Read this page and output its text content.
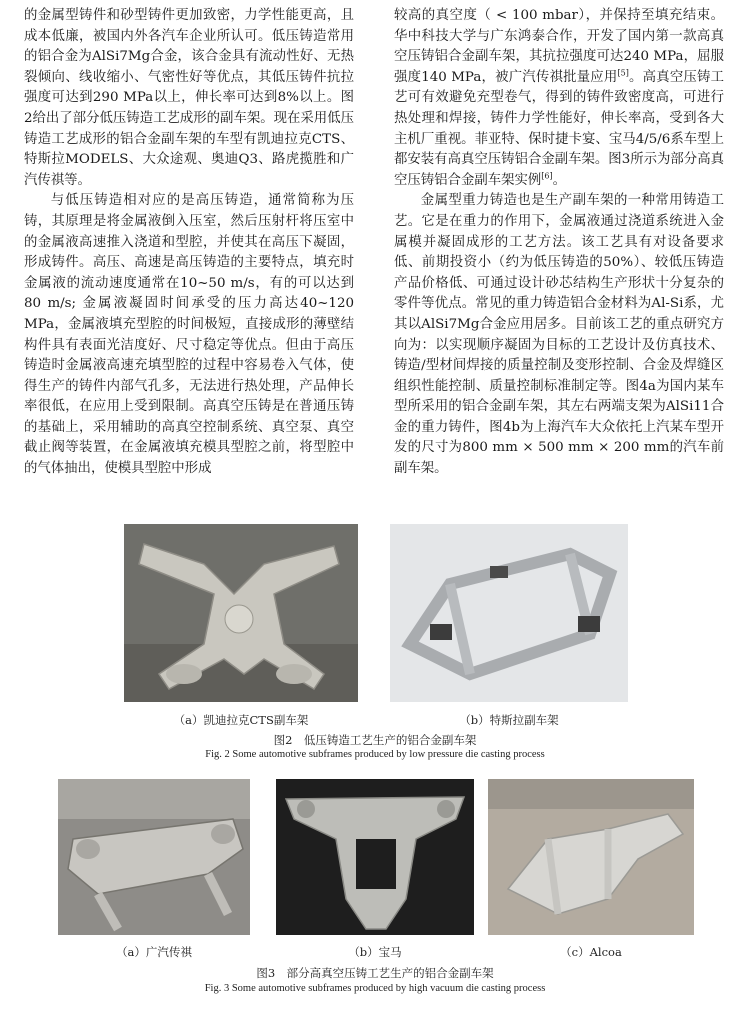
的金属型铸件和砂型铸件更加致密，力学性能更高，且成本低廉，被国内外各汽车企业所认可。低压铸造常用的铝合金为AlSi7Mg合金，该合金具有流动性好、无热裂倾向、线收缩小、气密性好等优点，其低压铸件抗拉强度可达到290 MPa以上，伸长率可达到8%以上。图2给出了部分低压铸造工艺成形的副车架。现在采用低压铸造工艺成形的铝合金副车架的车型有凯迪拉克CTS、特斯拉MODELS、大众途观、奥迪Q3、路虎揽胜和广汽传祺等。

与低压铸造相对应的是高压铸造，通常简称为压铸，其原理是将金属液倒入压室，然后压射杆将压室中的金属液高速推入浇道和型腔，并使其在高压下凝固，形成铸件。高压、高速是高压铸造的主要特点，填充时金属液的流动速度通常在10~50 m/s，有的可以达到80 m/s; 金属液凝固时间承受的压力高达40~120 MPa，金属液填充型腔的时间极短，直接成形的薄壁结构件具有表面光洁度好、尺寸稳定等优点。但由于高压铸造时金属液高速充填型腔的过程中容易卷入气体，使得生产的铸件内部气孔多，无法进行热处理，产品伸长率很低，在应用上受到限制。高真空压铸是在普通压铸的基础上，采用辅助的高真空控制系统、真空泵、真空截止阀等装置，在金属液填充模具型腔之前，将型腔中的气体抽出，使模具型腔中形成

较高的真空度（ < 100 mbar），并保持至填充结束。华中科技大学与广东鸿泰合作，开发了国内第一款高真空压铸铝合金副车架，其抗拉强度可达240 MPa，屈服强度140 MPa，被广汽传祺批量应用[5]。高真空压铸工艺可有效避免充型卷气，得到的铸件致密度高，可进行热处理和焊接，铸件力学性能好，伸长率高，受到各大主机厂重视。菲亚特、保时捷卡宴、宝马4/5/6系车型上都安装有高真空压铸铝合金副车架。图3所示为部分高真空压铸铝合金副车架实例[6]。

金属型重力铸造也是生产副车架的一种常用铸造工艺。它是在重力的作用下，金属液通过浇道系统进入金属模并凝固成形的工艺方法。该工艺具有对设备要求低、前期投资小（约为低压铸造的50%）、较低压铸造产品价格低、可通过设计砂芯结构生产形状十分复杂的零件等优点。常见的重力铸造铝合金材料为Al-Si系，尤其以AlSi7Mg合金应用居多。目前该工艺的重点研究方向为：以实现顺序凝固为目标的工艺设计及仿真技术、铸造/型材间焊接的质量控制及变形控制、合金及焊缝区组织性能控制、质量控制标准制定等。图4a为国内某车型所采用的铝合金副车架，其左右两端支架为AlSi11合金的重力铸件，图4b为上海汽车大众依托上汽某车型开发的尺寸为800 mm × 500 mm × 200 mm的汽车前副车架。

（a）凯迪拉克CTS副车架	（b）特斯拉副车架
图2　低压铸造工艺生产的铝合金副车架
Fig. 2 Some automotive subframes produced by low pressure die casting process
（a）广汽传祺	（b）宝马	（c）Alcoa
图3　部分高真空压铸工艺生产的铝合金副车架
Fig. 3 Some automotive subframes produced by high vacuum die casting process
